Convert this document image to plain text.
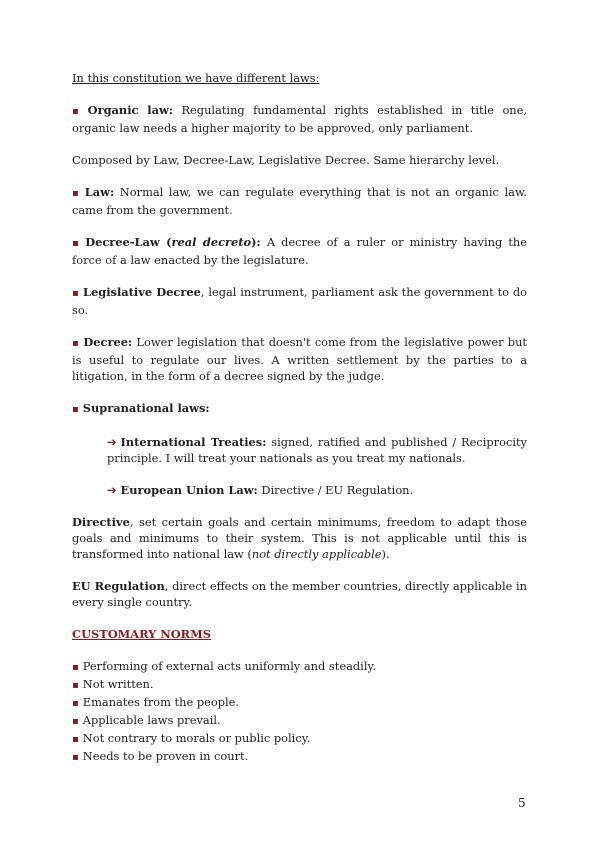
In this constitution we have different laws:

▪ Organic law: Regulating fundamental rights established in title one, organic law needs a higher majority to be approved, only parliament.

Composed by Law, Decree-Law, Legislative Decree. Same hierarchy level.

▪ Law: Normal law, we can regulate everything that is not an organic law. came from the government.

▪ Decree-Law (real decreto): A decree of a ruler or ministry having the force of a law enacted by the legislature.

▪ Legislative Decree, legal instrument, parliament ask the government to do so.

▪ Decree: Lower legislation that doesn't come from the legislative power but is useful to regulate our lives. A written settlement by the parties to a litigation, in the form of a decree signed by the judge.

▪ Supranational laws:

➔ International Treaties: signed, ratified and published / Reciprocity principle. I will treat your nationals as you treat my nationals.

➔ European Union Law: Directive / EU Regulation.

Directive, set certain goals and certain minimums, freedom to adapt those goals and minimums to their system. This is not applicable until this is transformed into national law (not directly applicable).

EU Regulation, direct effects on the member countries, directly applicable in every single country.

CUSTOMARY NORMS

▪ Performing of external acts uniformly and steadily.

▪ Not written.

▪ Emanates from the people.

▪ Applicable laws prevail.

▪ Not contrary to morals or public policy.

▪ Needs to be proven in court.

5
